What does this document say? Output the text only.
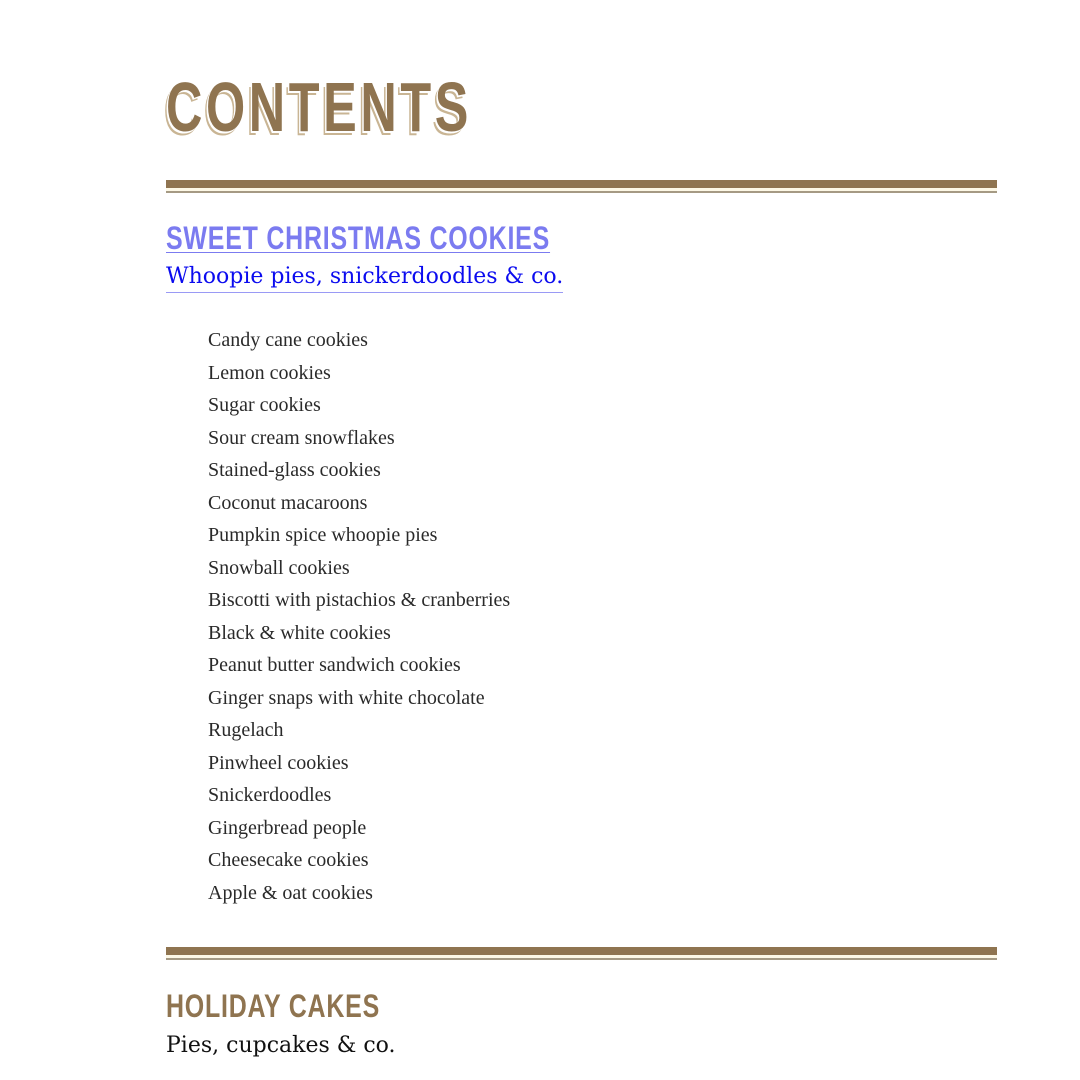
CONTENTS
SWEET CHRISTMAS COOKIES
Whoopie pies, snickerdoodles & co.
Candy cane cookies
Lemon cookies
Sugar cookies
Sour cream snowflakes
Stained-glass cookies
Coconut macaroons
Pumpkin spice whoopie pies
Snowball cookies
Biscotti with pistachios & cranberries
Black & white cookies
Peanut butter sandwich cookies
Ginger snaps with white chocolate
Rugelach
Pinwheel cookies
Snickerdoodles
Gingerbread people
Cheesecake cookies
Apple & oat cookies
HOLIDAY CAKES
Pies, cupcakes & co.
